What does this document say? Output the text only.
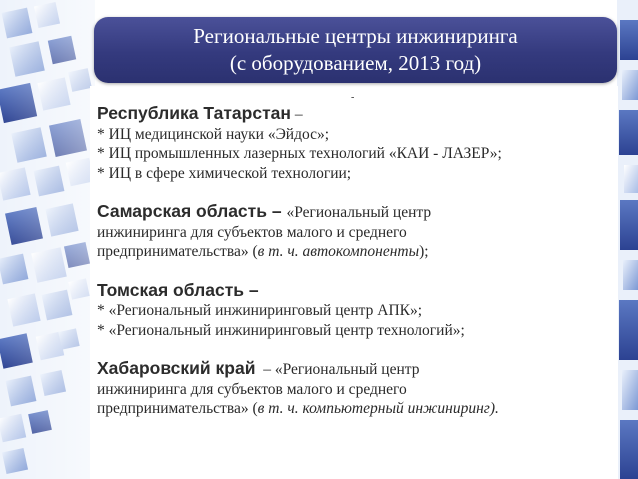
Региональные центры инжиниринга
(с оборудованием, 2013 год)
-
Республика Татарстан –
* ИЦ медицинской науки «Эйдос»;
* ИЦ промышленных лазерных технологий «КАИ - ЛАЗЕР»;
* ИЦ в сфере химической технологии;
Самарская область – «Региональный центр
инжиниринга для субъектов малого и среднего
предпринимательства» (в т. ч. автокомпоненты);
Томская область –
* «Региональный инжиниринговый центр АПК»;
* «Региональный инжиниринговый центр технологий»;
Хабаровский край  – «Региональный центр
инжиниринга для субъектов малого и среднего
предпринимательства» (в т. ч. компьютерный инжиниринг).
